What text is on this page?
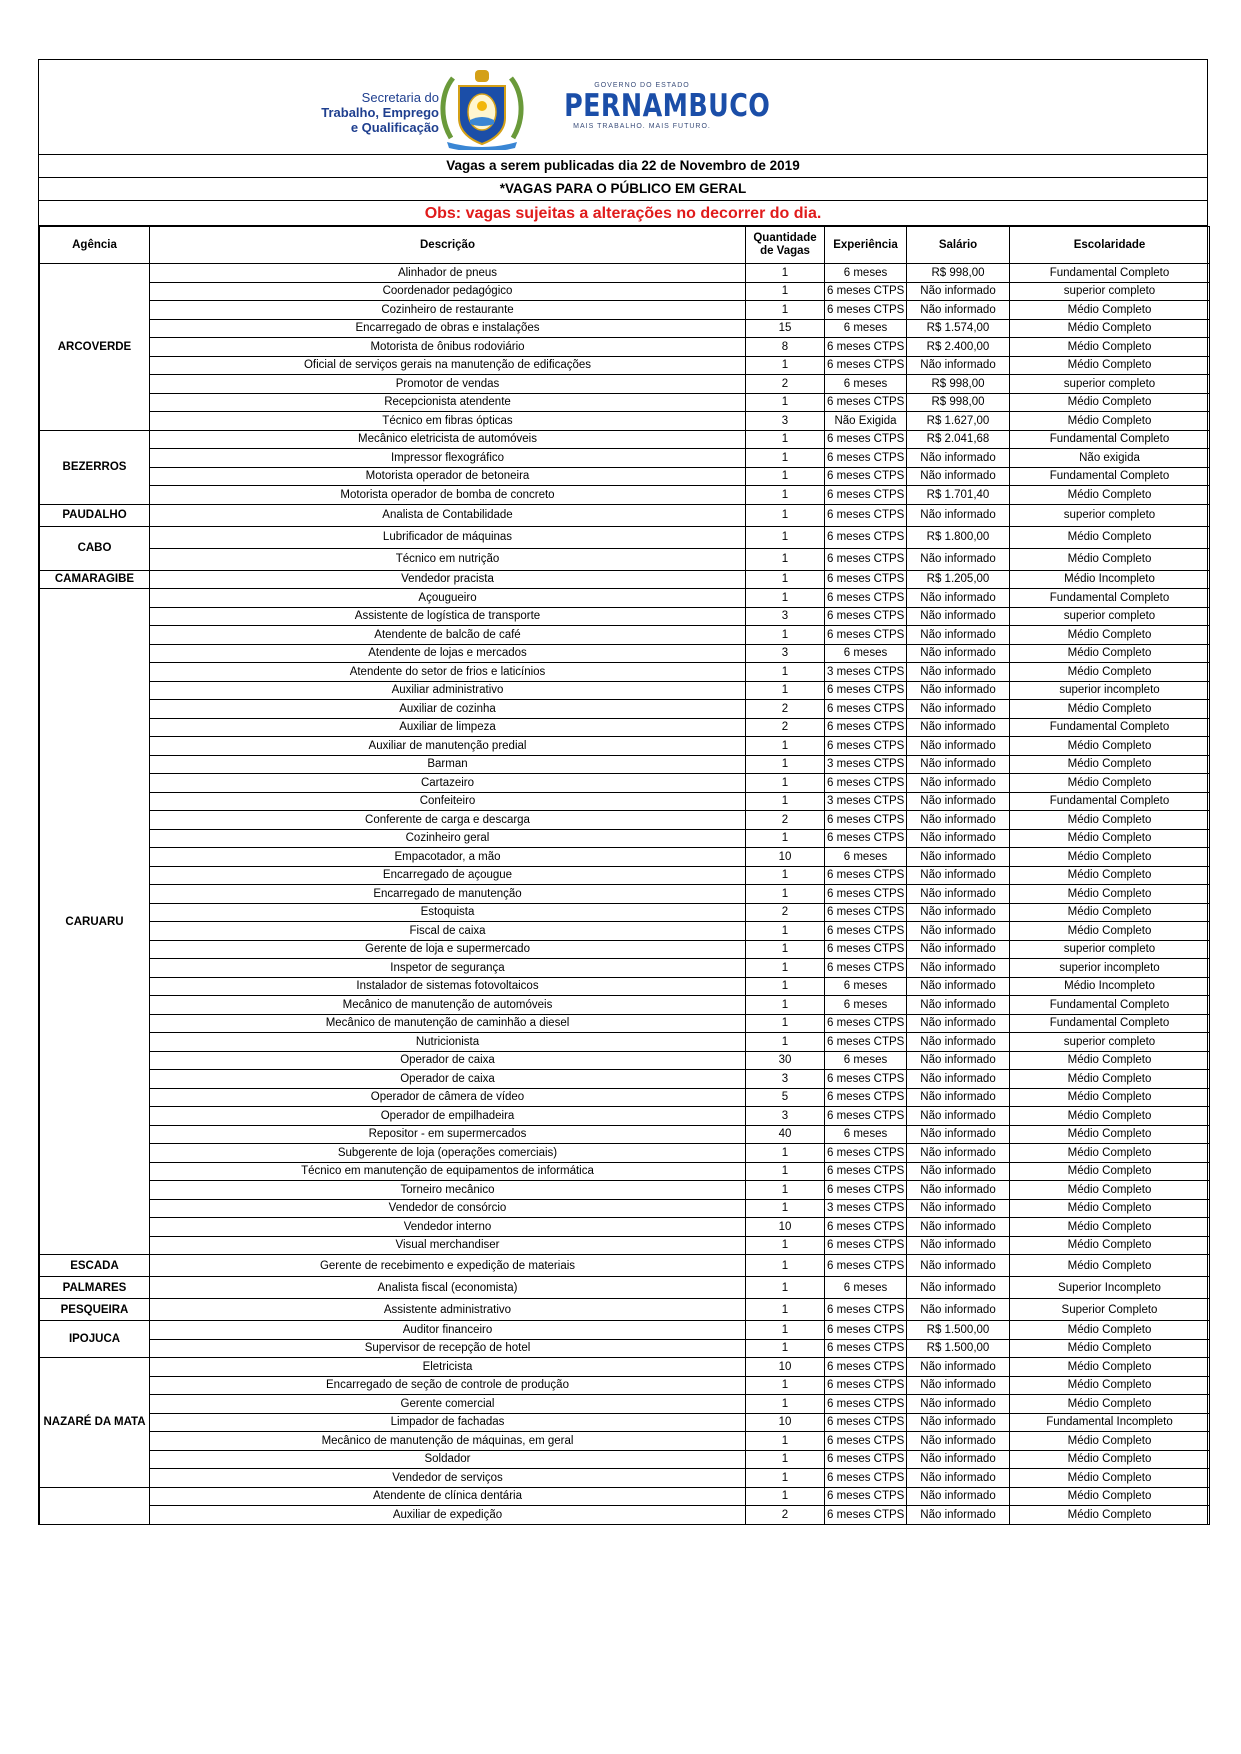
Secretaria do
Trabalho, Emprego
e Qualificação
GOVERNO DO ESTADO
PERNAMBUCO
MAIS TRABALHO. MAIS FUTURO.
Vagas a serem publicadas dia 22 de Novembro de 2019
*VAGAS PARA O PÚBLICO EM GERAL
Obs: vagas sujeitas a alterações no decorrer do dia.
Agência	Descrição	Quantidade de Vagas	Experiência	Salário	Escolaridade
ARCOVERDE	Alinhador de pneus	1	6 meses	R$ 998,00	Fundamental Completo
	Coordenador pedagógico	1	6 meses CTPS	Não informado	superior completo
	Cozinheiro de restaurante	1	6 meses CTPS	Não informado	Médio Completo
	Encarregado de obras e instalações	15	6 meses	R$ 1.574,00	Médio Completo
	Motorista de ônibus rodoviário	8	6 meses CTPS	R$ 2.400,00	Médio Completo
	Oficial de serviços gerais na manutenção de edificações	1	6 meses CTPS	Não informado	Médio Completo
	Promotor de vendas	2	6 meses	R$ 998,00	superior completo
	Recepcionista atendente	1	6 meses CTPS	R$ 998,00	Médio Completo
	Técnico em fibras ópticas	3	Não Exigida	R$ 1.627,00	Médio Completo
BEZERROS	Mecânico eletricista de automóveis	1	6 meses CTPS	R$ 2.041,68	Fundamental Completo
	Impressor flexográfico	1	6 meses CTPS	Não informado	Não exigida
	Motorista operador de betoneira	1	6 meses CTPS	Não informado	Fundamental Completo
	Motorista operador de bomba de concreto	1	6 meses CTPS	R$ 1.701,40	Médio Completo
PAUDALHO	Analista de Contabilidade	1	6 meses CTPS	Não informado	superior completo
CABO	Lubrificador de máquinas	1	6 meses CTPS	R$ 1.800,00	Médio Completo
	Técnico em nutrição	1	6 meses CTPS	Não informado	Médio Completo
CAMARAGIBE	Vendedor pracista	1	6 meses CTPS	R$ 1.205,00	Médio Incompleto
CARUARU	Açougueiro	1	6 meses CTPS	Não informado	Fundamental Completo
	Assistente de logística de transporte	3	6 meses CTPS	Não informado	superior completo
	Atendente de balcão de café	1	6 meses CTPS	Não informado	Médio Completo
	Atendente de lojas e mercados	3	6 meses	Não informado	Médio Completo
	Atendente do setor de frios e laticínios	1	3 meses CTPS	Não informado	Médio Completo
	Auxiliar administrativo	1	6 meses CTPS	Não informado	superior incompleto
	Auxiliar de cozinha	2	6 meses CTPS	Não informado	Médio Completo
	Auxiliar de limpeza	2	6 meses CTPS	Não informado	Fundamental Completo
	Auxiliar de manutenção predial	1	6 meses CTPS	Não informado	Médio Completo
	Barman	1	3 meses CTPS	Não informado	Médio Completo
	Cartazeiro	1	6 meses CTPS	Não informado	Médio Completo
	Confeiteiro	1	3 meses CTPS	Não informado	Fundamental Completo
	Conferente de carga e descarga	2	6 meses CTPS	Não informado	Médio Completo
	Cozinheiro geral	1	6 meses CTPS	Não informado	Médio Completo
	Empacotador, a mão	10	6 meses	Não informado	Médio Completo
	Encarregado de açougue	1	6 meses CTPS	Não informado	Médio Completo
	Encarregado de manutenção	1	6 meses CTPS	Não informado	Médio Completo
	Estoquista	2	6 meses CTPS	Não informado	Médio Completo
	Fiscal de caixa	1	6 meses CTPS	Não informado	Médio Completo
	Gerente de loja e supermercado	1	6 meses CTPS	Não informado	superior completo
	Inspetor de segurança	1	6 meses CTPS	Não informado	superior incompleto
	Instalador de sistemas fotovoltaicos	1	6 meses	Não informado	Médio Incompleto
	Mecânico de manutenção de automóveis	1	6 meses	Não informado	Fundamental Completo
	Mecânico de manutenção de caminhão a diesel	1	6 meses CTPS	Não informado	Fundamental Completo
	Nutricionista	1	6 meses CTPS	Não informado	superior completo
	Operador de caixa	30	6 meses	Não informado	Médio Completo
	Operador de caixa	3	6 meses CTPS	Não informado	Médio Completo
	Operador de câmera de vídeo	5	6 meses CTPS	Não informado	Médio Completo
	Operador de empilhadeira	3	6 meses CTPS	Não informado	Médio Completo
	Repositor - em supermercados	40	6 meses	Não informado	Médio Completo
	Subgerente de loja (operações comerciais)	1	6 meses CTPS	Não informado	Médio Completo
	Técnico em manutenção de equipamentos de informática	1	6 meses CTPS	Não informado	Médio Completo
	Torneiro mecânico	1	6 meses CTPS	Não informado	Médio Completo
	Vendedor de consórcio	1	3 meses CTPS	Não informado	Médio Completo
	Vendedor interno	10	6 meses CTPS	Não informado	Médio Completo
	Visual merchandiser	1	6 meses CTPS	Não informado	Médio Completo
ESCADA	Gerente de recebimento e expedição de materiais	1	6 meses CTPS	Não informado	Médio Completo
PALMARES	Analista fiscal (economista)	1	6 meses	Não informado	Superior Incompleto
PESQUEIRA	Assistente administrativo	1	6 meses CTPS	Não informado	Superior Completo
IPOJUCA	Auditor financeiro	1	6 meses CTPS	R$ 1.500,00	Médio Completo
	Supervisor de recepção de hotel	1	6 meses CTPS	R$ 1.500,00	Médio Completo
NAZARÉ DA MATA	Eletricista	10	6 meses CTPS	Não informado	Médio Completo
	Encarregado de seção de controle de produção	1	6 meses CTPS	Não informado	Médio Completo
	Gerente comercial	1	6 meses CTPS	Não informado	Médio Completo
	Limpador de fachadas	10	6 meses CTPS	Não informado	Fundamental Incompleto
	Mecânico de manutenção de máquinas, em geral	1	6 meses CTPS	Não informado	Médio Completo
	Soldador	1	6 meses CTPS	Não informado	Médio Completo
	Vendedor de serviços	1	6 meses CTPS	Não informado	Médio Completo
	Atendente de clínica dentária	1	6 meses CTPS	Não informado	Médio Completo
	Auxiliar de expedição	2	6 meses CTPS	Não informado	Médio Completo
